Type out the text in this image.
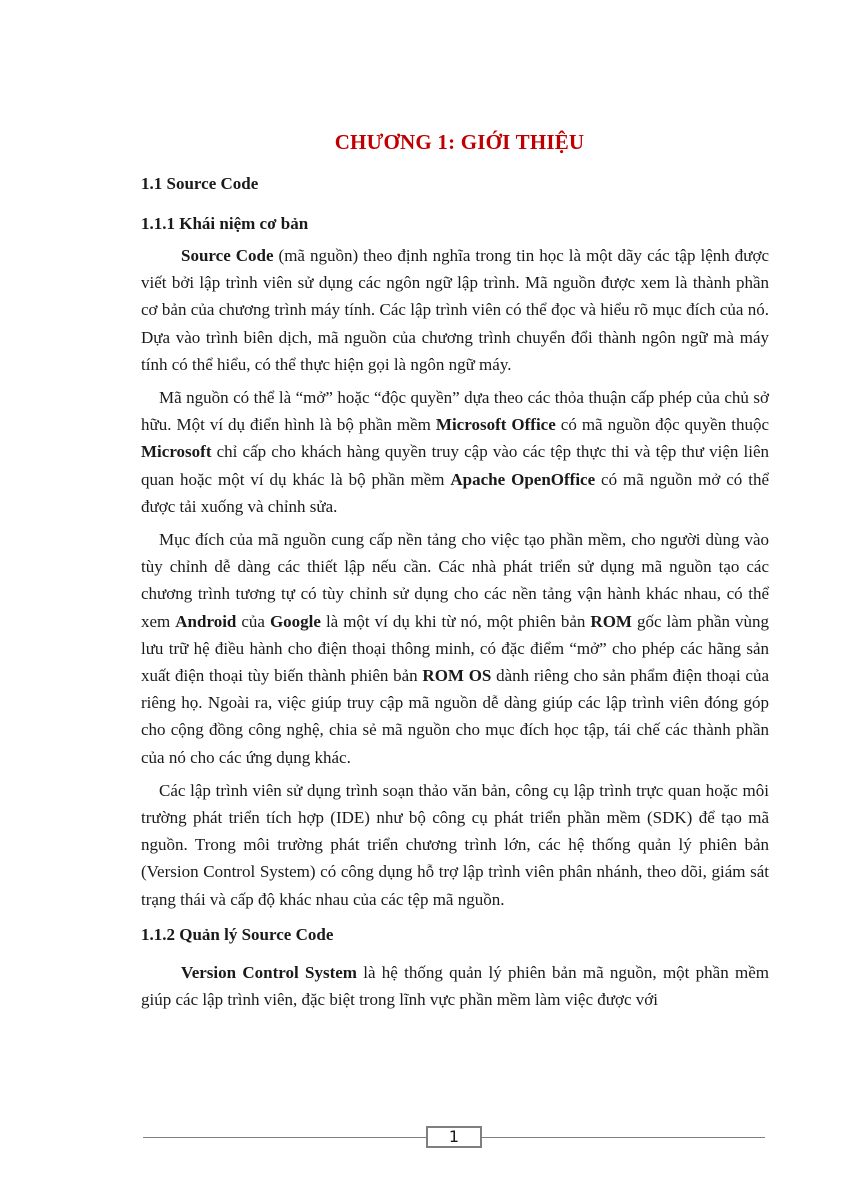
CHƯƠNG 1: GIỚI THIỆU
1.1 Source Code
1.1.1 Khái niệm cơ bản

Source Code (mã nguồn) theo định nghĩa trong tin học là một dãy các tập lệnh được viết bởi lập trình viên sử dụng các ngôn ngữ lập trình. Mã nguồn được xem là thành phần cơ bản của chương trình máy tính. Các lập trình viên có thể đọc và hiểu rõ mục đích của nó. Dựa vào trình biên dịch, mã nguồn của chương trình chuyển đổi thành ngôn ngữ mà máy tính có thể hiểu, có thể thực hiện gọi là ngôn ngữ máy.

Mã nguồn có thể là “mở” hoặc “độc quyền” dựa theo các thỏa thuận cấp phép của chủ sở hữu. Một ví dụ điển hình là bộ phần mềm Microsoft Office có mã nguồn độc quyền thuộc Microsoft chỉ cấp cho khách hàng quyền truy cập vào các tệp thực thi và tệp thư viện liên quan hoặc một ví dụ khác là bộ phần mềm Apache OpenOffice có mã nguồn mở có thể được tải xuống và chỉnh sửa.

Mục đích của mã nguồn cung cấp nền tảng cho việc tạo phần mềm, cho người dùng vào tùy chỉnh dễ dàng các thiết lập nếu cần. Các nhà phát triển sử dụng mã nguồn tạo các chương trình tương tự có tùy chỉnh sử dụng cho các nền tảng vận hành khác nhau, có thể xem Android của Google là một ví dụ khi từ nó, một phiên bản ROM gốc làm phần vùng lưu trữ hệ điều hành cho điện thoại thông minh, có đặc điểm “mở” cho phép các hãng sản xuất điện thoại tùy biến thành phiên bản ROM OS dành riêng cho sản phẩm điện thoại của riêng họ. Ngoài ra, việc giúp truy cập mã nguồn dễ dàng giúp các lập trình viên đóng góp cho cộng đồng công nghệ, chia sẻ mã nguồn cho mục đích học tập, tái chế các thành phần của nó cho các ứng dụng khác.

Các lập trình viên sử dụng trình soạn thảo văn bản, công cụ lập trình trực quan hoặc môi trường phát triển tích hợp (IDE) như bộ công cụ phát triển phần mềm (SDK) để tạo mã nguồn. Trong môi trường phát triển chương trình lớn, các hệ thống quản lý phiên bản (Version Control System) có công dụng hỗ trợ lập trình viên phân nhánh, theo dõi, giám sát trạng thái và cấp độ khác nhau của các tệp mã nguồn.

1.1.2 Quản lý Source Code

Version Control System là hệ thống quản lý phiên bản mã nguồn, một phần mềm giúp các lập trình viên, đặc biệt trong lĩnh vực phần mềm làm việc được với

1
